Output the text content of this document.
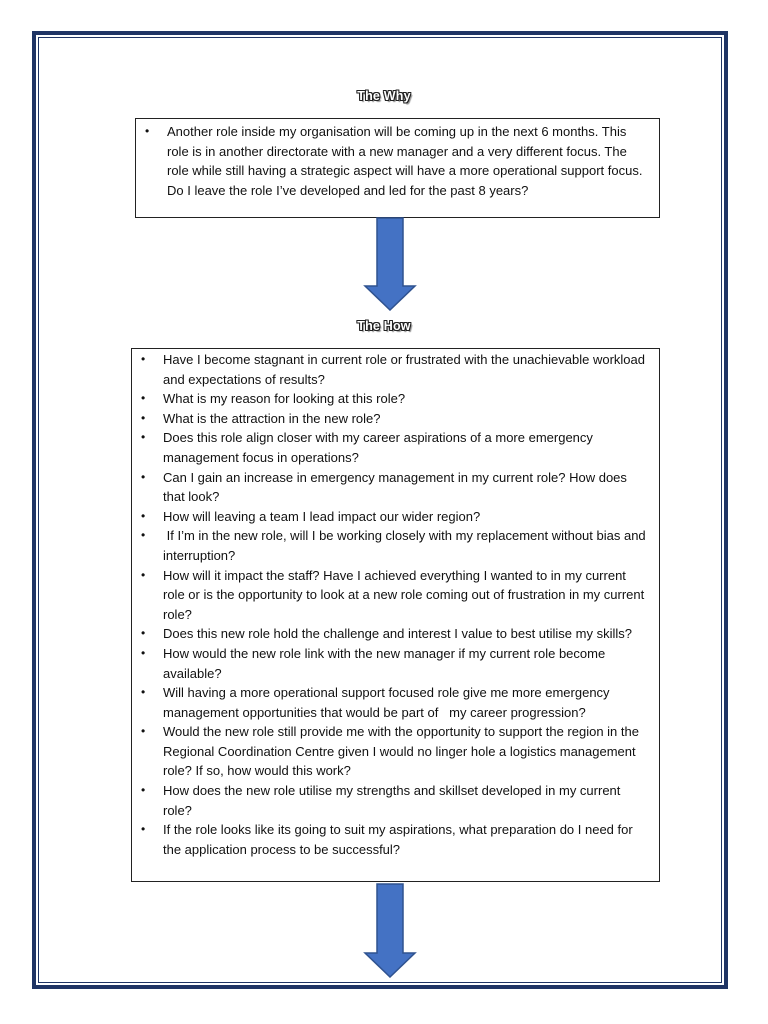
The Why
• Another role inside my organisation will be coming up in the next 6 months. This role is in another directorate with a new manager and a very different focus. The role while still having a strategic aspect will have a more operational support focus. Do I leave the role I’ve developed and led for the past 8 years?
The How
• Have I become stagnant in current role or frustrated with the unachievable workload and expectations of results?
• What is my reason for looking at this role?
• What is the attraction in the new role?
• Does this role align closer with my career aspirations of a more emergency management focus in operations?
• Can I gain an increase in emergency management in my current role? How does that look?
• How will leaving a team I lead impact our wider region?
• If I’m in the new role, will I be working closely with my replacement without bias and interruption?
• How will it impact the staff? Have I achieved everything I wanted to in my current role or is the opportunity to look at a new role coming out of frustration in my current role?
• Does this new role hold the challenge and interest I value to best utilise my skills?
• How would the new role link with the new manager if my current role become available?
• Will having a more operational support focused role give me more emergency management opportunities that would be part of   my career progression?
• Would the new role still provide me with the opportunity to support the region in the Regional Coordination Centre given I would no linger hole a logistics management role? If so, how would this work?
• How does the new role utilise my strengths and skillset developed in my current role?
• If the role looks like its going to suit my aspirations, what preparation do I need for the application process to be successful?
